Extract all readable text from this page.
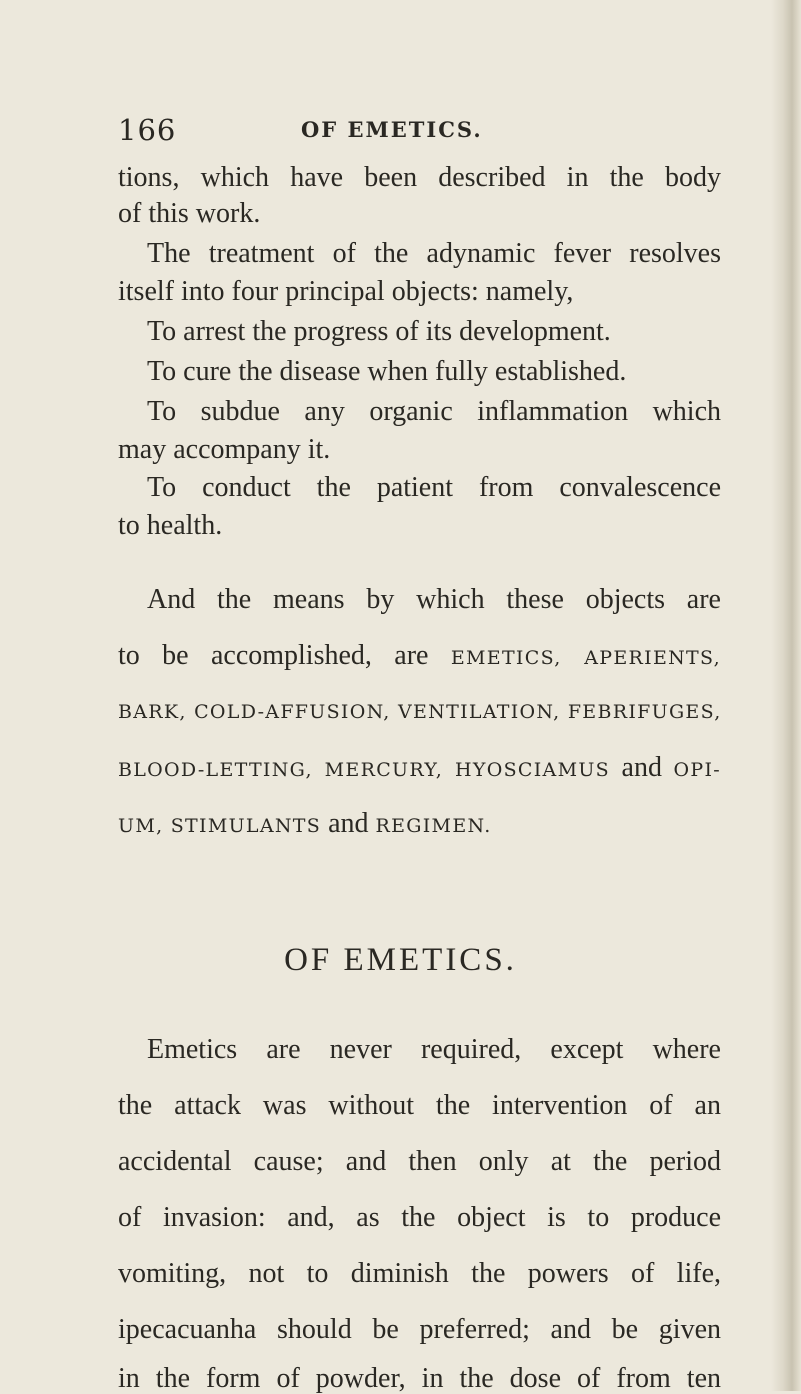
166	OF EMETICS.
tions, which have been described in the body
of this work.
The treatment of the adynamic fever resolves
itself into four principal objects: namely,
To arrest the progress of its development.
To cure the disease when fully established.
To subdue any organic inflammation which
may accompany it.
To conduct the patient from convalescence
to health.
And the means by which these objects are
to be accomplished, are EMETICS, APERIENTS,
BARK, COLD-AFFUSION, VENTILATION, FEBRIFUGES,
BLOOD-LETTING, MERCURY, HYOSCIAMUS and OPI-
UM, STIMULANTS and REGIMEN.
OF EMETICS.
Emetics are never required, except where
the attack was without the intervention of an
accidental cause; and then only at the period
of invasion: and, as the object is to produce
vomiting, not to diminish the powers of life,
ipecacuanha should be preferred; and be given
in the form of powder, in the dose of from ten
